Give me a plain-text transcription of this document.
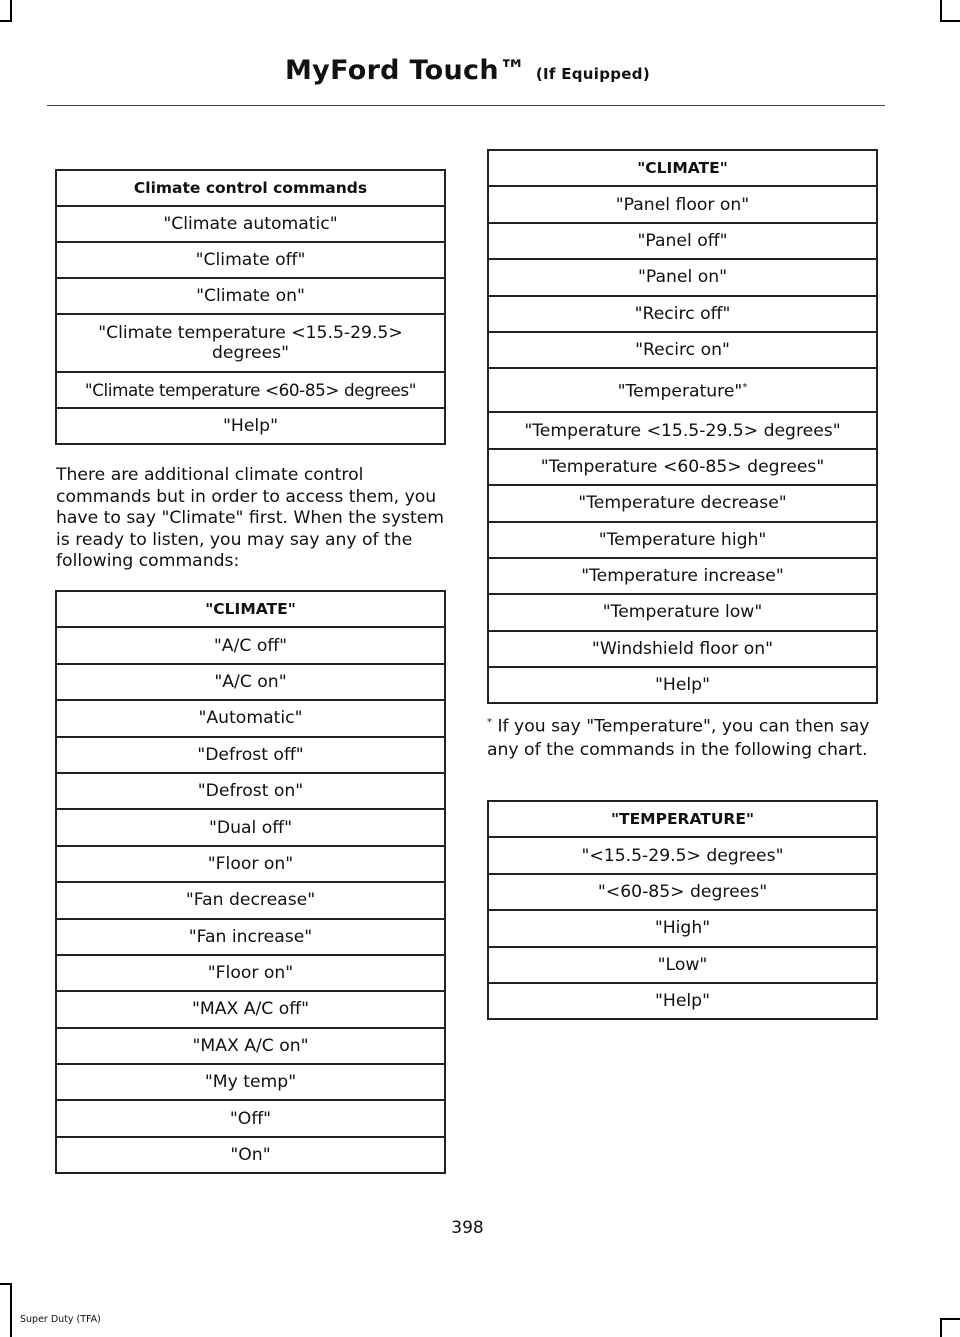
MyFord Touch™ (If Equipped)
Climate control commands
"Climate automatic"
"Climate off"
"Climate on"
"Climate temperature <15.5-29.5> degrees"
"Climate temperature <60-85> degrees"
"Help"

There are additional climate control commands but in order to access them, you have to say "Climate" first. When the system is ready to listen, you may say any of the following commands:

"CLIMATE"
"A/C off"
"A/C on"
"Automatic"
"Defrost off"
"Defrost on"
"Dual off"
"Floor on"
"Fan decrease"
"Fan increase"
"Floor on"
"MAX A/C off"
"MAX A/C on"
"My temp"
"Off"
"On"
"CLIMATE"
"Panel floor on"
"Panel off"
"Panel on"
"Recirc off"
"Recirc on"
"Temperature"*
"Temperature <15.5-29.5> degrees"
"Temperature <60-85> degrees"
"Temperature decrease"
"Temperature high"
"Temperature increase"
"Temperature low"
"Windshield floor on"
"Help"

* If you say "Temperature", you can then say any of the commands in the following chart.

"TEMPERATURE"
"<15.5-29.5> degrees"
"<60-85> degrees"
"High"
"Low"
"Help"
398
Super Duty (TFA)
